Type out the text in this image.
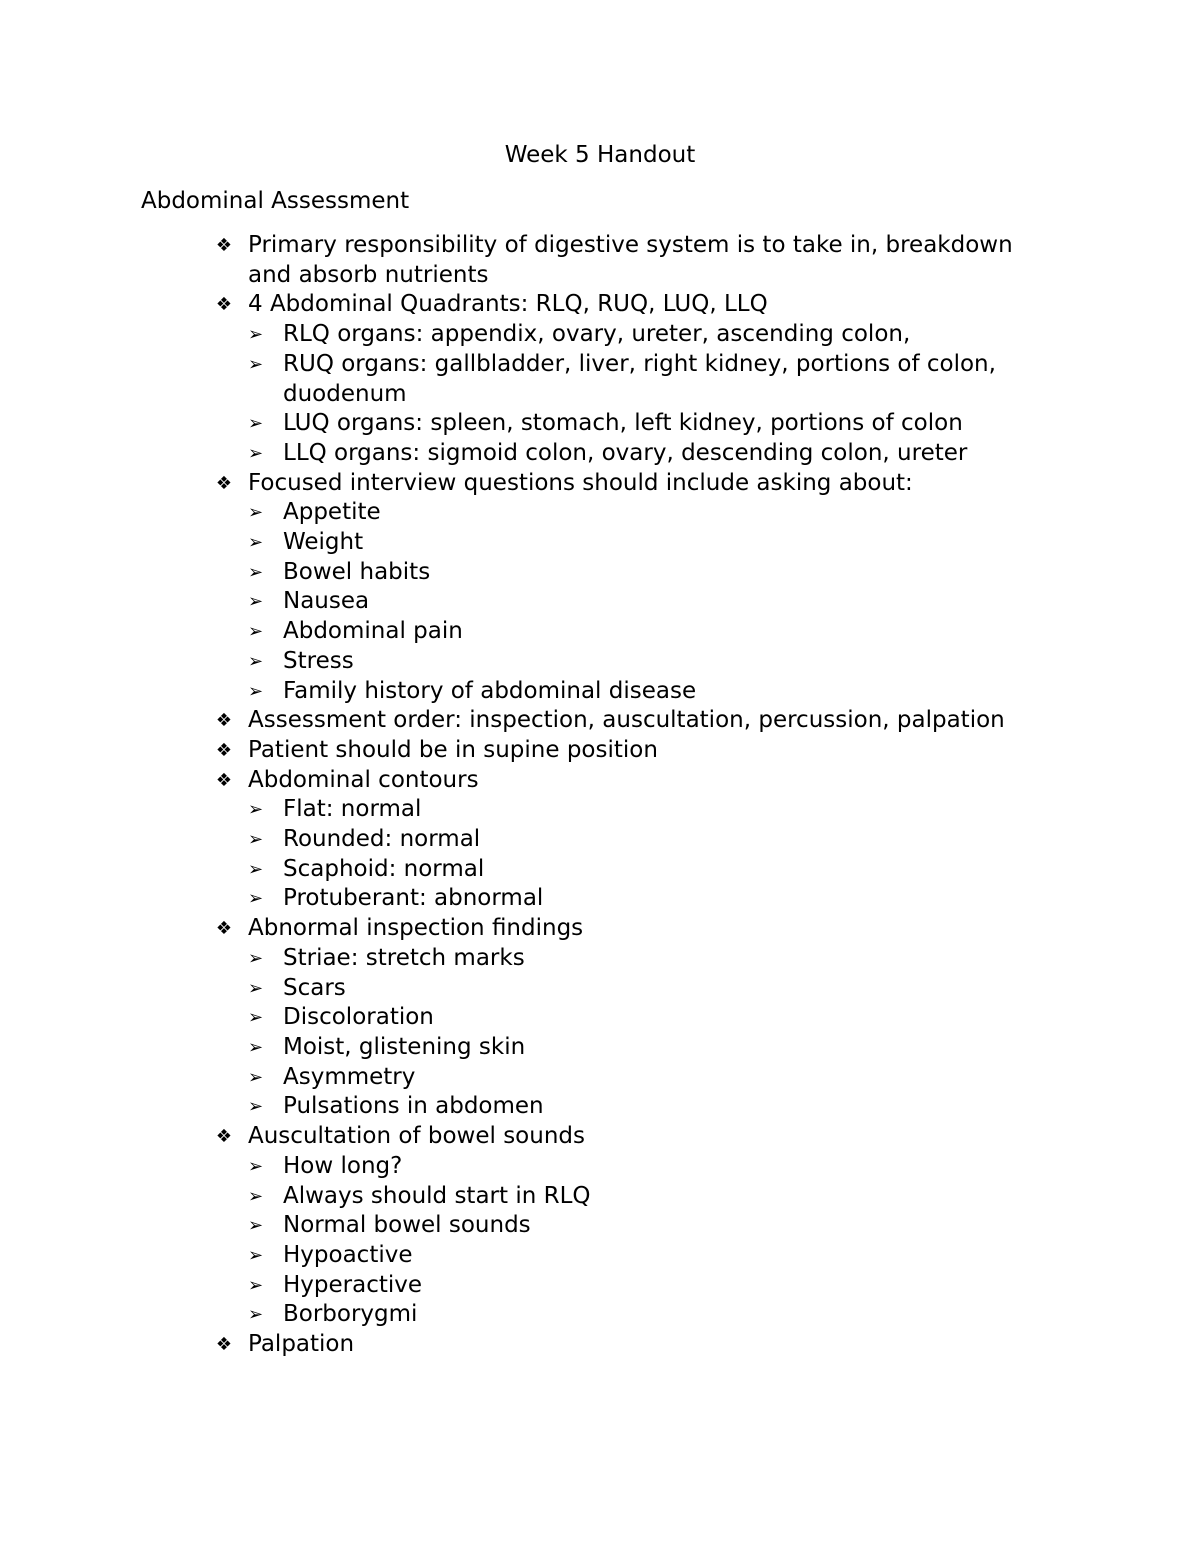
Week 5 Handout
Abdominal Assessment
❖ Primary responsibility of digestive system is to take in, breakdown and absorb nutrients
❖ 4 Abdominal Quadrants: RLQ, RUQ, LUQ, LLQ
➢ RLQ organs: appendix, ovary, ureter, ascending colon,
➢ RUQ organs: gallbladder, liver, right kidney, portions of colon, duodenum
➢ LUQ organs: spleen, stomach, left kidney, portions of colon
➢ LLQ organs: sigmoid colon, ovary, descending colon, ureter
❖ Focused interview questions should include asking about:
➢ Appetite
➢ Weight
➢ Bowel habits
➢ Nausea
➢ Abdominal pain
➢ Stress
➢ Family history of abdominal disease
❖ Assessment order: inspection, auscultation, percussion, palpation
❖ Patient should be in supine position
❖ Abdominal contours
➢ Flat: normal
➢ Rounded: normal
➢ Scaphoid: normal
➢ Protuberant: abnormal
❖ Abnormal inspection findings
➢ Striae: stretch marks
➢ Scars
➢ Discoloration
➢ Moist, glistening skin
➢ Asymmetry
➢ Pulsations in abdomen
❖ Auscultation of bowel sounds
➢ How long?
➢ Always should start in RLQ
➢ Normal bowel sounds
➢ Hypoactive
➢ Hyperactive
➢ Borborygmi
❖ Palpation
